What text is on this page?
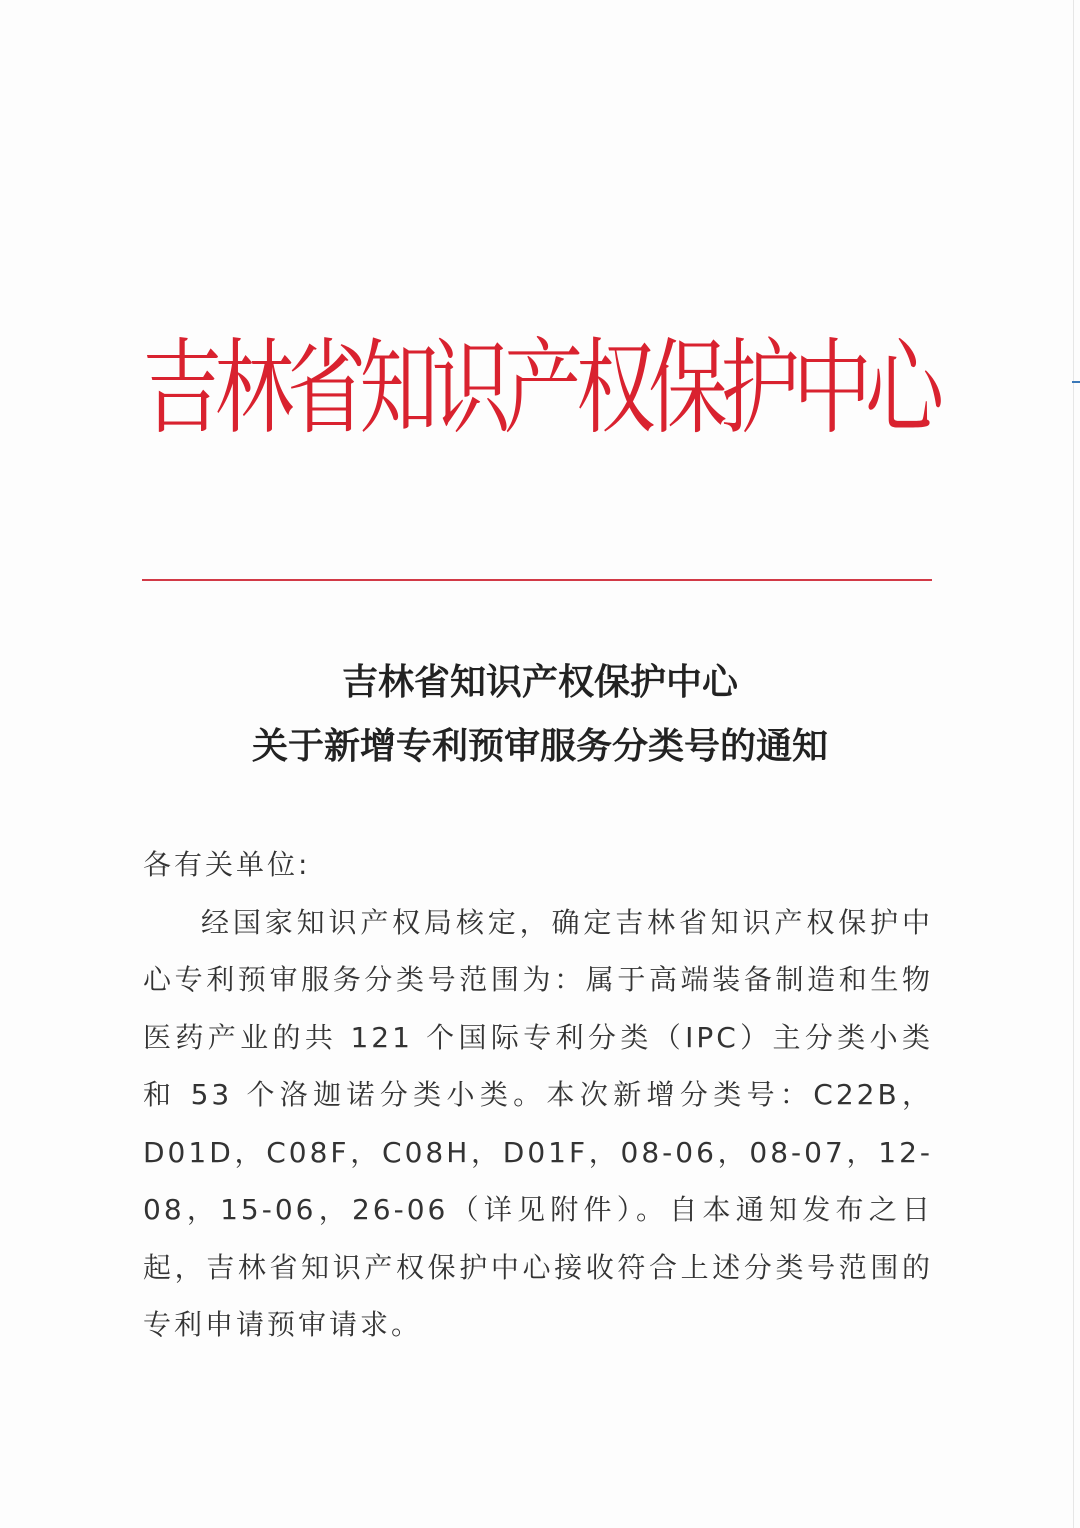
吉林省知识产权保护中心
吉林省知识产权保护中心
关于新增专利预审服务分类号的通知
各有关单位:
经国家知识产权局核定，确定吉林省知识产权保护中心专利预审服务分类号范围为：属于高端装备制造和生物医药产业的共 121 个国际专利分类（IPC）主分类小类和 53 个洛迦诺分类小类。本次新增分类号：C22B，D01D，C08F，C08H，D01F，08-06，08-07，12-08，15-06，26-06（详见附件）。自本通知发布之日起，吉林省知识产权保护中心接收符合上述分类号范围的专利申请预审请求。
